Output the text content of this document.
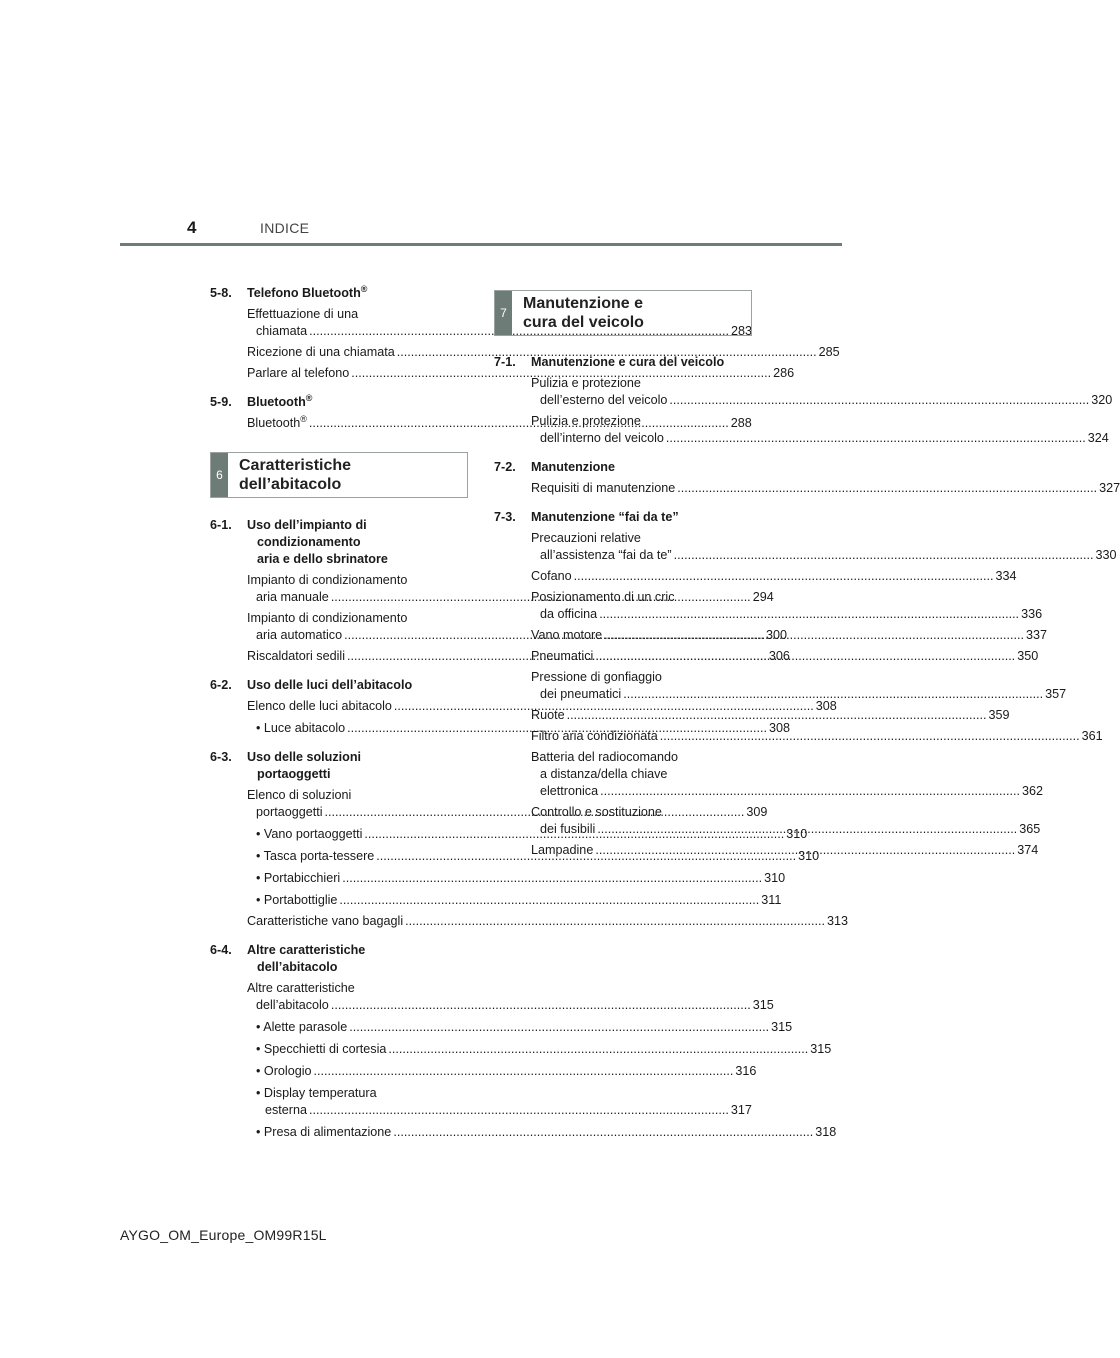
4	INDICE
5-8.	Telefono Bluetooth®
Effettuazione di una
chiamata .....	283
Ricezione di una chiamata .....	285
Parlare al telefono .....	286
5-9.	Bluetooth®
Bluetooth® .....	288
6
Caratteristiche
dell’abitacolo
6-1.	Uso dell’impianto di
condizionamento
aria e dello sbrinatore
Impianto di condizionamento
aria manuale .....	294
Impianto di condizionamento
aria automatico .....	300
Riscaldatori sedili .....	306
6-2.	Uso delle luci dell’abitacolo
Elenco delle luci abitacolo .....	308
• Luce abitacolo .....	308
6-3.	Uso delle soluzioni
portaoggetti
Elenco di soluzioni
portaoggetti .....	309
• Vano portaoggetti .....	310
• Tasca porta-tessere .....	310
• Portabicchieri .....	310
• Portabottiglie .....	311
Caratteristiche vano bagagli .....	313
6-4.	Altre caratteristiche
dell’abitacolo
Altre caratteristiche
dell’abitacolo .....	315
• Alette parasole .....	315
• Specchietti di cortesia .....	315
• Orologio .....	316
• Display temperatura
esterna .....	317
• Presa di alimentazione .....	318
7
Manutenzione e
cura del veicolo
7-1.	Manutenzione e cura del veicolo
Pulizia e protezione
dell’esterno del veicolo .....	320
Pulizia e protezione
dell’interno del veicolo .....	324
7-2.	Manutenzione
Requisiti di manutenzione .....	327
7-3.	Manutenzione “fai da te”
Precauzioni relative
all’assistenza “fai da te” .....	330
Cofano .....	334
Posizionamento di un cric
da officina .....	336
Vano motore .....	337
Pneumatici .....	350
Pressione di gonfiaggio
dei pneumatici .....	357
Ruote .....	359
Filtro aria condizionata .....	361
Batteria del radiocomando
a distanza/della chiave
elettronica .....	362
Controllo e sostituzione
dei fusibili .....	365
Lampadine .....	374
AYGO_OM_Europe_OM99R15L
